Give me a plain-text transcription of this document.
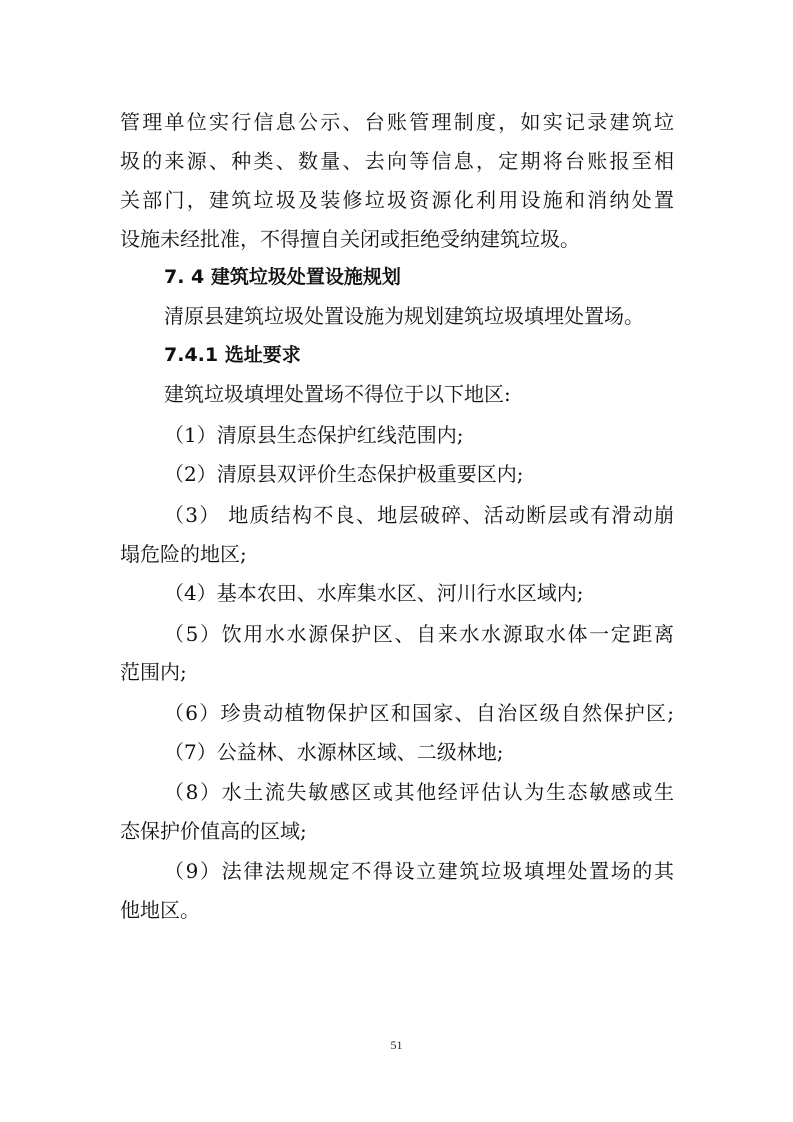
管理单位实行信息公示、台账管理制度，如实记录建筑垃
圾的来源、种类、数量、去向等信息，定期将台账报至相
关部门，建筑垃圾及装修垃圾资源化利用设施和消纳处置
设施未经批准，不得擅自关闭或拒绝受纳建筑垃圾。
7. 4 建筑垃圾处置设施规划
清原县建筑垃圾处置设施为规划建筑垃圾填埋处置场。
7.4.1 选址要求
建筑垃圾填埋处置场不得位于以下地区:
（1）清原县生态保护红线范围内;
（2）清原县双评价生态保护极重要区内;
（3） 地质结构不良、地层破碎、活动断层或有滑动崩
塌危险的地区;
（4）基本农田、水库集水区、河川行水区域内;
（5）饮用水水源保护区、自来水水源取水体一定距离
范围内;
（6）珍贵动植物保护区和国家、自治区级自然保护区;
（7）公益林、水源林区域、二级林地;
（8）水土流失敏感区或其他经评估认为生态敏感或生
态保护价值高的区域;
（9）法律法规规定不得设立建筑垃圾填埋处置场的其
他地区。
51
